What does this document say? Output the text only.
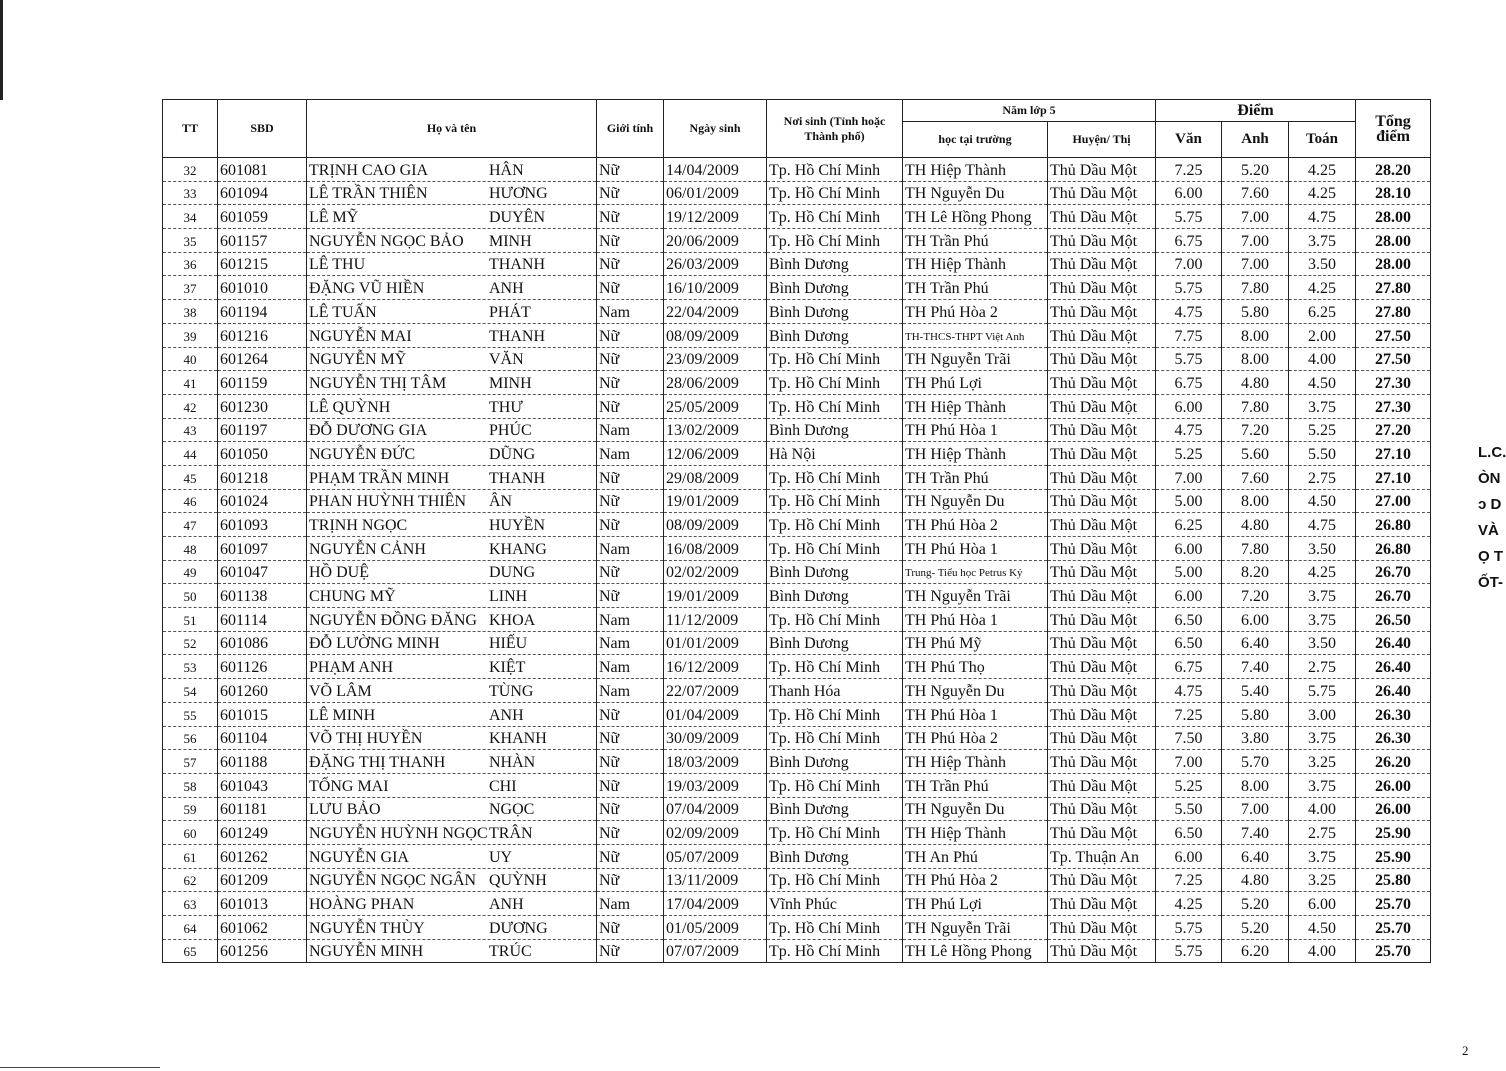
TT	SBD	Họ và tên	Giới tính	Ngày sinh	Nơi sinh (Tỉnh hoặc Thành phố)	Năm lớp 5		Điểm			Tổng điểm
						học tại trường	Huyện/ Thị	Văn	Anh	Toán	
32	601081	TRỊNH CAO GIA HÂN	Nữ	14/04/2009	Tp. Hồ Chí Minh	TH Hiệp Thành	Thủ Dầu Một	7.25	5.20	4.25	28.20
33	601094	LÊ TRẦN THIÊN HƯƠNG	Nữ	06/01/2009	Tp. Hồ Chí Minh	TH Nguyễn Du	Thủ Dầu Một	6.00	7.60	4.25	28.10
34	601059	LÊ MỸ DUYÊN	Nữ	19/12/2009	Tp. Hồ Chí Minh	TH Lê Hồng Phong	Thủ Dầu Một	5.75	7.00	4.75	28.00
35	601157	NGUYỄN NGỌC BẢO MINH	Nữ	20/06/2009	Tp. Hồ Chí Minh	TH Trần Phú	Thủ Dầu Một	6.75	7.00	3.75	28.00
36	601215	LÊ THU THANH	Nữ	26/03/2009	Bình Dương	TH Hiệp Thành	Thủ Dầu Một	7.00	7.00	3.50	28.00
37	601010	ĐẶNG VŨ HIỀN ANH	Nữ	16/10/2009	Bình Dương	TH Trần Phú	Thủ Dầu Một	5.75	7.80	4.25	27.80
38	601194	LÊ TUẤN PHÁT	Nam	22/04/2009	Bình Dương	TH Phú Hòa 2	Thủ Dầu Một	4.75	5.80	6.25	27.80
39	601216	NGUYỄN MAI THANH	Nữ	08/09/2009	Bình Dương	TH-THCS-THPT Việt Anh	Thủ Dầu Một	7.75	8.00	2.00	27.50
40	601264	NGUYỄN MỸ VĂN	Nữ	23/09/2009	Tp. Hồ Chí Minh	TH Nguyễn Trãi	Thủ Dầu Một	5.75	8.00	4.00	27.50
41	601159	NGUYỄN THỊ TÂM MINH	Nữ	28/06/2009	Tp. Hồ Chí Minh	TH Phú Lợi	Thủ Dầu Một	6.75	4.80	4.50	27.30
42	601230	LÊ QUỲNH THƯ	Nữ	25/05/2009	Tp. Hồ Chí Minh	TH Hiệp Thành	Thủ Dầu Một	6.00	7.80	3.75	27.30
43	601197	ĐỖ DƯƠNG GIA PHÚC	Nam	13/02/2009	Bình Dương	TH Phú Hòa 1	Thủ Dầu Một	4.75	7.20	5.25	27.20
44	601050	NGUYỄN ĐỨC DŨNG	Nam	12/06/2009	Hà Nội	TH Hiệp Thành	Thủ Dầu Một	5.25	5.60	5.50	27.10
45	601218	PHẠM TRẦN MINH THANH	Nữ	29/08/2009	Tp. Hồ Chí Minh	TH Trần Phú	Thủ Dầu Một	7.00	7.60	2.75	27.10
46	601024	PHAN HUỲNH THIÊN ÂN	Nữ	19/01/2009	Tp. Hồ Chí Minh	TH Nguyễn Du	Thủ Dầu Một	5.00	8.00	4.50	27.00
47	601093	TRỊNH NGỌC HUYỀN	Nữ	08/09/2009	Tp. Hồ Chí Minh	TH Phú Hòa 2	Thủ Dầu Một	6.25	4.80	4.75	26.80
48	601097	NGUYỄN CẢNH KHANG	Nam	16/08/2009	Tp. Hồ Chí Minh	TH Phú Hòa 1	Thủ Dầu Một	6.00	7.80	3.50	26.80
49	601047	HỒ DUỆ DUNG	Nữ	02/02/2009	Bình Dương	Trung- Tiểu học Petrus Ký	Thủ Dầu Một	5.00	8.20	4.25	26.70
50	601138	CHUNG MỸ LINH	Nữ	19/01/2009	Bình Dương	TH Nguyễn Trãi	Thủ Dầu Một	6.00	7.20	3.75	26.70
51	601114	NGUYỄN ĐỒNG ĐĂNG KHOA	Nam	11/12/2009	Tp. Hồ Chí Minh	TH Phú Hòa 1	Thủ Dầu Một	6.50	6.00	3.75	26.50
52	601086	ĐỖ LƯỜNG MINH HIẾU	Nam	01/01/2009	Bình Dương	TH Phú Mỹ	Thủ Dầu Một	6.50	6.40	3.50	26.40
53	601126	PHẠM ANH KIỆT	Nam	16/12/2009	Tp. Hồ Chí Minh	TH Phú Thọ	Thủ Dầu Một	6.75	7.40	2.75	26.40
54	601260	VÕ LÂM TÙNG	Nam	22/07/2009	Thanh Hóa	TH Nguyễn Du	Thủ Dầu Một	4.75	5.40	5.75	26.40
55	601015	LÊ MINH ANH	Nữ	01/04/2009	Tp. Hồ Chí Minh	TH Phú Hòa 1	Thủ Dầu Một	7.25	5.80	3.00	26.30
56	601104	VÕ THỊ HUYỀN KHANH	Nữ	30/09/2009	Tp. Hồ Chí Minh	TH Phú Hòa 2	Thủ Dầu Một	7.50	3.80	3.75	26.30
57	601188	ĐẶNG THỊ THANH NHÀN	Nữ	18/03/2009	Bình Dương	TH Hiệp Thành	Thủ Dầu Một	7.00	5.70	3.25	26.20
58	601043	TỐNG MAI CHI	Nữ	19/03/2009	Tp. Hồ Chí Minh	TH Trần Phú	Thủ Dầu Một	5.25	8.00	3.75	26.00
59	601181	LƯU BẢO NGỌC	Nữ	07/04/2009	Bình Dương	TH Nguyễn Du	Thủ Dầu Một	5.50	7.00	4.00	26.00
60	601249	NGUYỄN HUỲNH NGỌCTRÂN	Nữ	02/09/2009	Tp. Hồ Chí Minh	TH Hiệp Thành	Thủ Dầu Một	6.50	7.40	2.75	25.90
61	601262	NGUYỄN GIA UY	Nữ	05/07/2009	Bình Dương	TH An Phú	Tp. Thuận An	6.00	6.40	3.75	25.90
62	601209	NGUYỄN NGỌC NGÂN QUỲNH	Nữ	13/11/2009	Tp. Hồ Chí Minh	TH Phú Hòa 2	Thủ Dầu Một	7.25	4.80	3.25	25.80
63	601013	HOÀNG PHAN ANH	Nam	17/04/2009	Vĩnh Phúc	TH Phú Lợi	Thủ Dầu Một	4.25	5.20	6.00	25.70
64	601062	NGUYỄN THÙY DƯƠNG	Nữ	01/05/2009	Tp. Hồ Chí Minh	TH Nguyễn Trãi	Thủ Dầu Một	5.75	5.20	4.50	25.70
65	601256	NGUYỄN MINH TRÚC	Nữ	07/07/2009	Tp. Hồ Chí Minh	TH Lê Hồng Phong	Thủ Dầu Một	5.75	6.20	4.00	25.70
L.C.
ÒN
ɔ D
VÀ
Ọ T
ỐT-
2
